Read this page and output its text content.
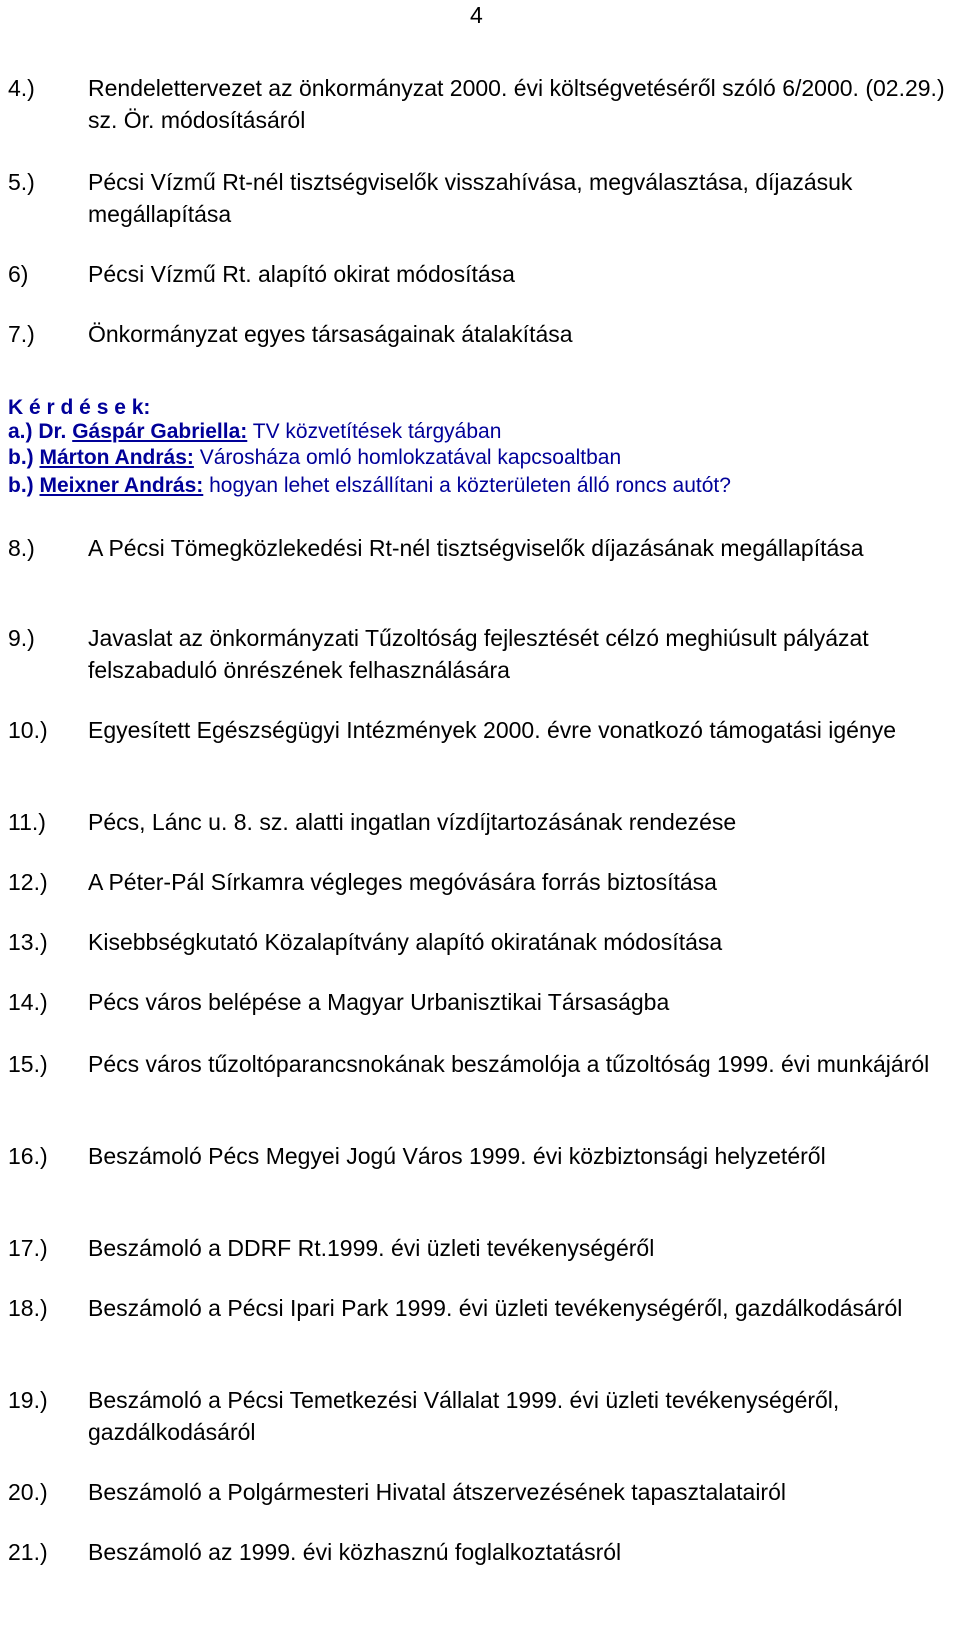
4
4.) Rendelettervezet az önkormányzat 2000. évi költségvetéséről szóló 6/2000. (02.29.) sz. Ör. módosításáról
5.) Pécsi Vízmű Rt-nél tisztségviselők visszahívása, megválasztása, díjazásuk megállapítása
6)	Pécsi Vízmű Rt. alapító okirat módosítása
7.) Önkormányzat egyes társaságainak átalakítása
K é r d é s e k:
a.) Dr. Gáspár Gabriella: TV közvetítések tárgyában
b.) Márton András: Városháza omló homlokzatával kapcsoaltban
b.) Meixner András: hogyan lehet elszállítani a közterületen álló roncs autót?
8.) A Pécsi Tömegközlekedési Rt-nél tisztségviselők díjazásának megállapítása
9.) Javaslat az önkormányzati Tűzoltóság fejlesztését célzó meghiúsult pályázat felszabaduló önrészének felhasználására
10.) Egyesített Egészségügyi Intézmények 2000. évre vonatkozó támogatási igénye
11.) Pécs, Lánc u. 8. sz. alatti ingatlan vízdíjtartozásának rendezése
12.) A Péter-Pál Sírkamra végleges megóvására forrás biztosítása
13.) Kisebbségkutató Közalapítvány alapító okiratának módosítása
14.) Pécs város belépése a Magyar Urbanisztikai Társaságba
15.) Pécs város tűzoltóparancsnokának beszámolója a tűzoltóság 1999. évi munkájáról
16.) Beszámoló Pécs Megyei Jogú Város 1999. évi közbiztonsági helyzetéről
17.) Beszámoló a DDRF Rt.1999. évi üzleti tevékenységéről
18.) Beszámoló a Pécsi Ipari Park 1999. évi üzleti tevékenységéről, gazdálkodásáról
19.) Beszámoló a Pécsi Temetkezési Vállalat 1999. évi üzleti tevékenységéről, gazdálkodásáról
20.) Beszámoló a Polgármesteri Hivatal átszervezésének tapasztalatairól
21.) Beszámoló az 1999. évi közhasznú foglalkoztatásról
